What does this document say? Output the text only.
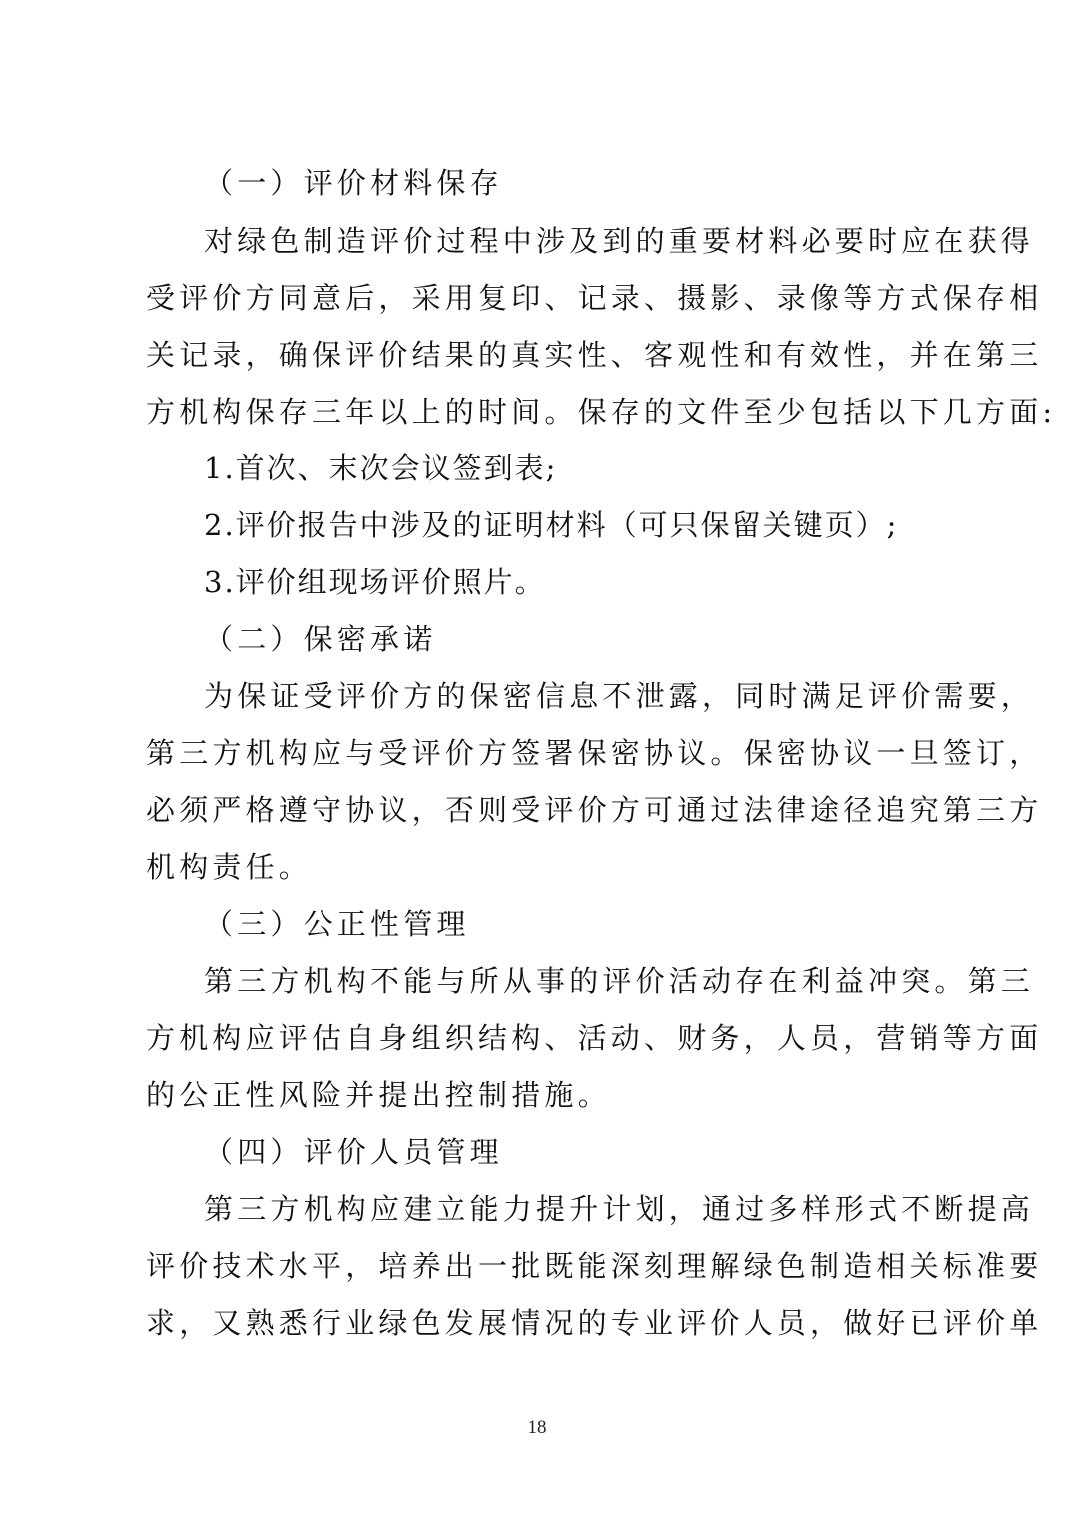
（一）评价材料保存
对绿色制造评价过程中涉及到的重要材料必要时应在获得
受评价方同意后，采用复印、记录、摄影、录像等方式保存相
关记录，确保评价结果的真实性、客观性和有效性，并在第三
方机构保存三年以上的时间。保存的文件至少包括以下几方面:
1.首次、末次会议签到表;
2.评价报告中涉及的证明材料（可只保留关键页）;
3.评价组现场评价照片。
（二）保密承诺
为保证受评价方的保密信息不泄露，同时满足评价需要，
第三方机构应与受评价方签署保密协议。保密协议一旦签订，
必须严格遵守协议，否则受评价方可通过法律途径追究第三方
机构责任。
（三）公正性管理
第三方机构不能与所从事的评价活动存在利益冲突。第三
方机构应评估自身组织结构、活动、财务，人员，营销等方面
的公正性风险并提出控制措施。
（四）评价人员管理
第三方机构应建立能力提升计划，通过多样形式不断提高
评价技术水平，培养出一批既能深刻理解绿色制造相关标准要
求，又熟悉行业绿色发展情况的专业评价人员，做好已评价单
18
